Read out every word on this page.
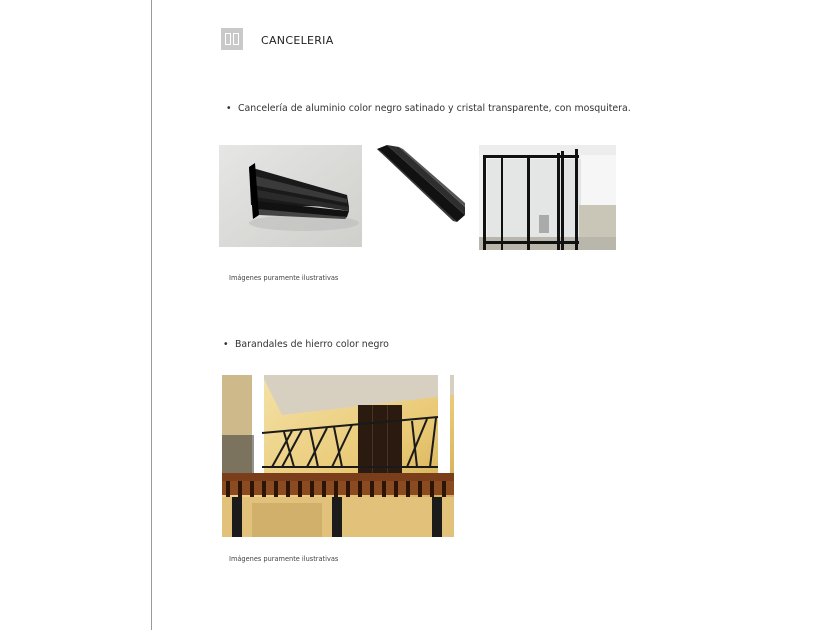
CANCELERIA
• Cancelería de aluminio color negro satinado y cristal transparente, con mosquitera.
Imágenes puramente ilustrativas
• Barandales de hierro color negro
Imágenes puramente ilustrativas
